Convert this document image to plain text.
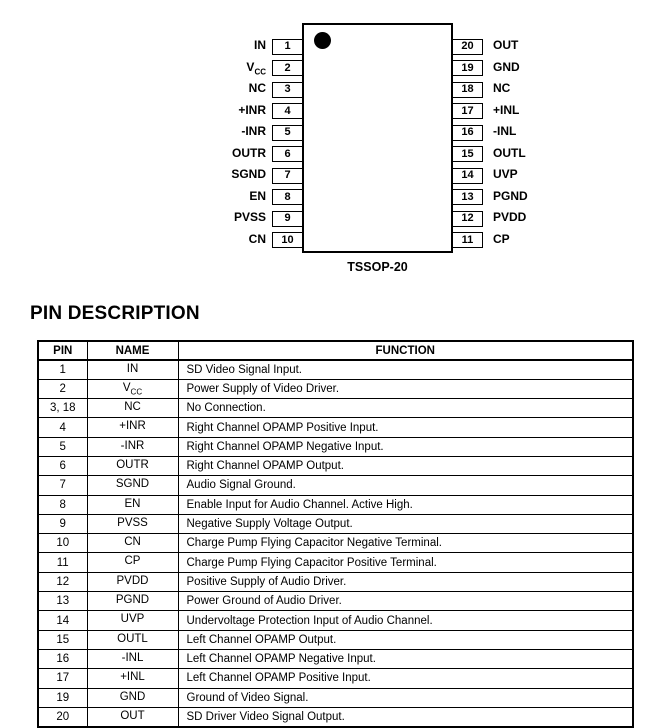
IN	1
$V_{CC}$	2
NC	3
+INR	4
-INR	5
OUTR	6
SGND	7
EN	8
PVSS	9
CN	10
20	OUT
19	GND
18	NC
17	+INL
16	-INL
15	OUTL
14	UVP
13	PGND
12	PVDD
11	CP
TSSOP-20
PIN DESCRIPTION
PIN	NAME	FUNCTION
1	IN	SD Video Signal Input.
2	$V_{CC}$	Power Supply of Video Driver.
3, 18	NC	No Connection.
4	+INR	Right Channel OPAMP Positive Input.
5	-INR	Right Channel OPAMP Negative Input.
6	OUTR	Right Channel OPAMP Output.
7	SGND	Audio Signal Ground.
8	EN	Enable Input for Audio Channel. Active High.
9	PVSS	Negative Supply Voltage Output.
10	CN	Charge Pump Flying Capacitor Negative Terminal.
11	CP	Charge Pump Flying Capacitor Positive Terminal.
12	PVDD	Positive Supply of Audio Driver.
13	PGND	Power Ground of Audio Driver.
14	UVP	Undervoltage Protection Input of Audio Channel.
15	OUTL	Left Channel OPAMP Output.
16	-INL	Left Channel OPAMP Negative Input.
17	+INL	Left Channel OPAMP Positive Input.
19	GND	Ground of Video Signal.
20	OUT	SD Driver Video Signal Output.
